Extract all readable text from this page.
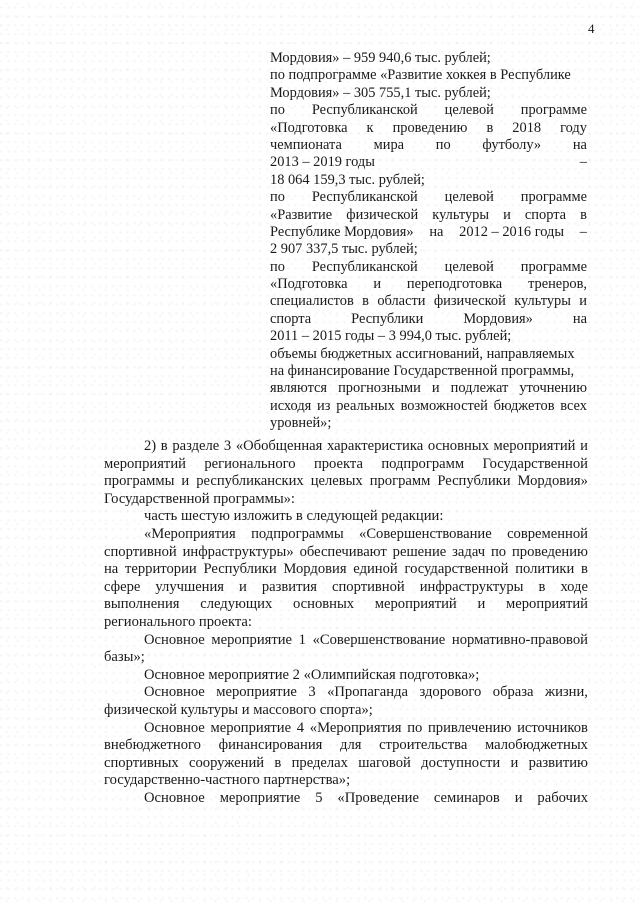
4
Мордовия» – 959 940,6 тыс. рублей;
по подпрограмме «Развитие хоккея в Республике
Мордовия» – 305 755,1 тыс. рублей;
по Республиканской целевой программе
«Подготовка к проведению в 2018 году
чемпионата мира по футболу» на
2013 – 2019 годы	–
18 064 159,3 тыс. рублей;
по Республиканской целевой программе
«Развитие физической культуры и спорта в
Республике Мордовия» на 2012 – 2016 годы –
2 907 337,5 тыс. рублей;
по Республиканской целевой программе
«Подготовка и переподготовка тренеров,
специалистов в области физической культуры и
спорта	Республики	Мордовия»	на
2011 – 2015 годы – 3 994,0 тыс. рублей;
объемы бюджетных ассигнований, направляемых
на финансирование Государственной программы,
являются прогнозными и подлежат уточнению
исходя из реальных возможностей бюджетов всех
уровней»;
2) в разделе 3 «Обобщенная характеристика основных мероприятий и
мероприятий регионального проекта подпрограмм Государственной
программы и республиканских целевых программ Республики Мордовия»
Государственной программы»:
часть шестую изложить в следующей редакции:
«Мероприятия подпрограммы «Совершенствование современной
спортивной инфраструктуры» обеспечивают решение задач по проведению
на территории Республики Мордовия единой государственной политики в
сфере улучшения и развития спортивной инфраструктуры в ходе
выполнения следующих основных мероприятий и мероприятий
регионального проекта:
Основное мероприятие 1 «Совершенствование нормативно-правовой
базы»;
Основное мероприятие 2 «Олимпийская подготовка»;
Основное мероприятие 3 «Пропаганда здорового образа жизни,
физической культуры и массового спорта»;
Основное мероприятие 4 «Мероприятия по привлечению источников
внебюджетного финансирования для строительства малобюджетных
спортивных сооружений в пределах шаговой доступности и развитию
государственно-частного партнерства»;
Основное мероприятие 5 «Проведение семинаров и рабочих
